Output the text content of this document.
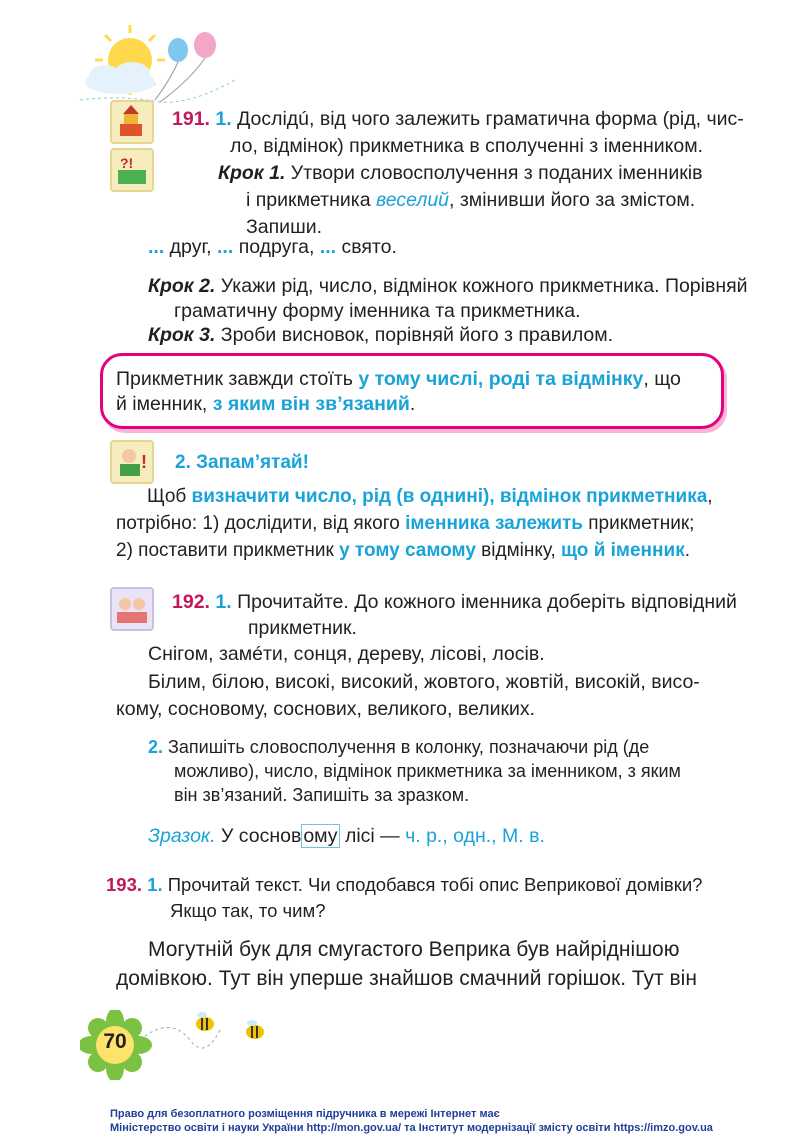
?!
191. 1. Дослідú, від чого залежить граматична форма (рід, чис-
ло, відмінок) прикметника в сполученні з іменником.
Крок 1. Утвори словосполучення з поданих іменників
і прикметника веселий, змінивши його за змістом.
Запиши.
... друг, ... подруга, ... свято.
Крок 2. Укажи рід, число, відмінок кожного прикметника. Порівняй
граматичну форму іменника та прикметника.
Крок 3. Зроби висновок, порівняй його з правилом.
Прикметник завжди стоїть у тому числі, роді та відмінку, що
й іменник, з яким він зв’язаний.
! 2. Запам’ятай!
Щоб визначити число, рід (в однині), відмінок прикметника,
потрібно: 1) дослідити, від якого іменника залежить прикметник;
2) поставити прикметник у тому самому відмінку, що й іменник.
192. 1. Прочитайте. До кожного іменника доберіть відповідний
прикметник.
Снігом, замéти, сонця, дереву, лісові, лосів.
Білим, білою, високі, високий, жовтого, жовтій, високій, висо-
кому, сосновому, соснових, великого, великих.
2. Запишіть словосполучення в колонку, позначаючи рід (де
можливо), число, відмінок прикметника за іменником, з яким
він зв’язаний. Запишіть за зразком.
Зразок. У соснов ому лісі — ч. р., одн., М. в.
193. 1. Прочитай текст. Чи сподобався тобі опис Веприкової домівки?
Якщо так, то чим?
Могутній бук для смугастого Веприка був найріднішою
домівкою. Тут він уперше знайшов смачний горішок. Тут він
70
Право для безоплатного розміщення підручника в мережі Інтернет має
Міністерство освіти і науки України http://mon.gov.ua/ та Інститут модернізації змісту освіти https://imzo.gov.ua
